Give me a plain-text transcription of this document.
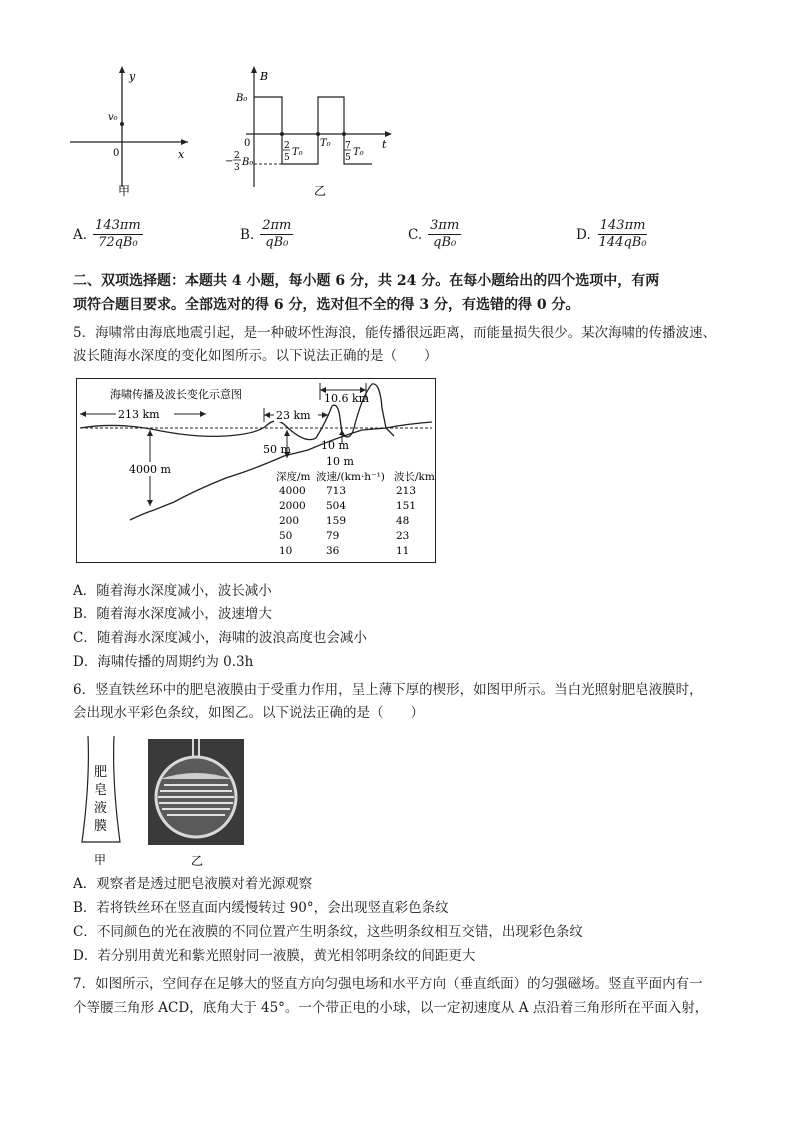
y
x
v₀
0
甲
B
B₀
0
− 2
3 B₀
2
5 T₀
T₀ 7
5 T₀
t
乙
A. $\frac{143\pi m}{\text{72qB₀}}$	B. $\frac{2\pi m}{\text{qB₀}}$	C. $\frac{3\pi m}{\text{qB₀}}$	D. $\frac{143\pi m}{\text{144qB₀}}$
二、双项选择题：本题共 4 小题，每小题 6 分，共 24 分。在每小题给出的四个选项中，有两
项符合题目要求。全部选对的得 6 分，选对但不全的得 3 分，有选错的得 0 分。
5．海啸常由海底地震引起，是一种破坏性海浪，能传播很远距离，而能量损失很少。某次海啸的传播波速、
波长随海水深度的变化如图所示。以下说法正确的是（　　）
213 km	23 km
10.6 km
海啸传播及波长变化示意图
4000 m
50 m	10 m
10 m
深度/m 波速/(km·h⁻¹) 波长/km
4000 713	213
2000 504	151
200	159	48
50	79	23
10	36	11
A．随着海水深度减小，波长减小
B．随着海水深度减小，波速增大
C．随着海水深度减小，海啸的波浪高度也会减小
D．海啸传播的周期约为 0.3h
6．竖直铁丝环中的肥皂液膜由于受重力作用，呈上薄下厚的楔形，如图甲所示。当白光照射肥皂液膜时，
会出现水平彩色条纹，如图乙。以下说法正确的是（　　）
肥
皂
液
膜
甲	乙
A．观察者是透过肥皂液膜对着光源观察
B．若将铁丝环在竖直面内缓慢转过 90°，会出现竖直彩色条纹
C．不同颜色的光在液膜的不同位置产生明条纹，这些明条纹相互交错，出现彩色条纹
D．若分别用黄光和紫光照射同一液膜，黄光相邻明条纹的间距更大
7．如图所示，空间存在足够大的竖直方向匀强电场和水平方向（垂直纸面）的匀强磁场。竖直平面内有一
个等腰三角形 ACD，底角大于 45°。一个带正电的小球，以一定初速度从 A 点沿着三角形所在平面入射，
